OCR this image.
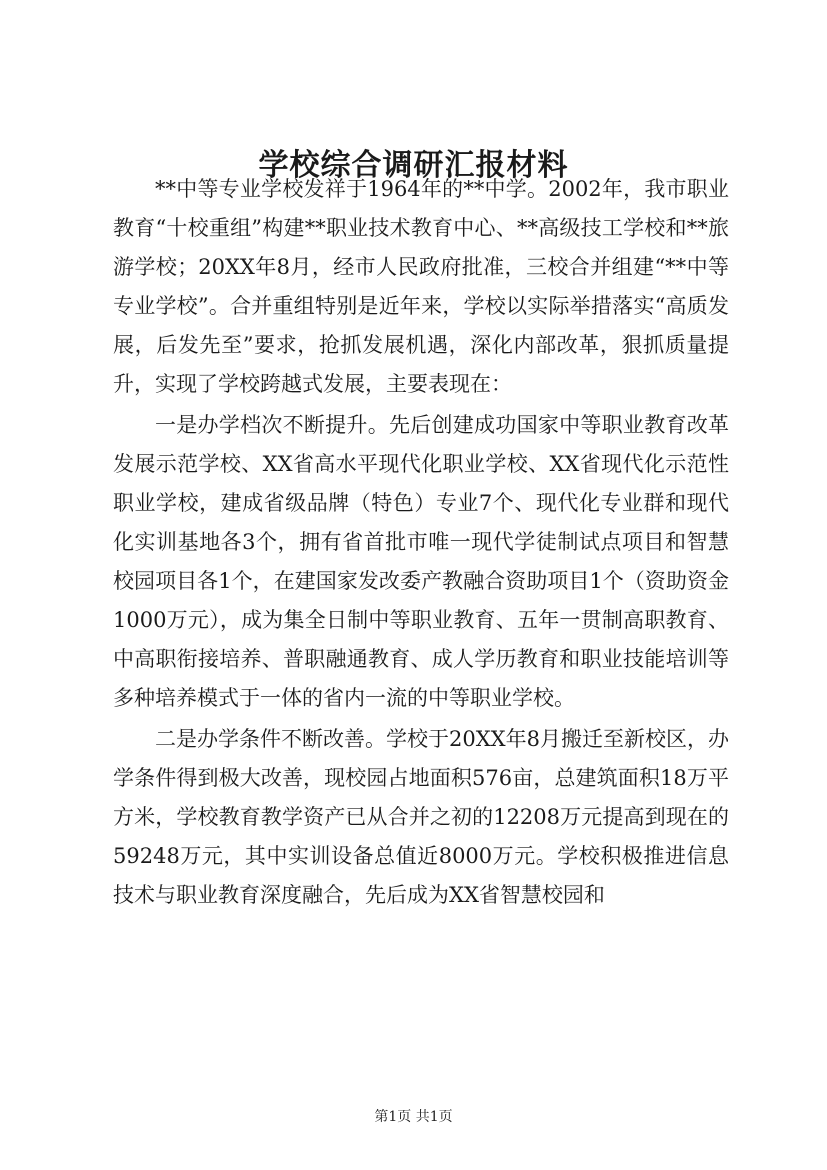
学校综合调研汇报材料

**中等专业学校发祥于1964年的**中学。2002年，我市职业教育“十校重组”构建**职业技术教育中心、**高级技工学校和**旅游学校；20XX年8月，经市人民政府批准，三校合并组建“**中等专业学校”。合并重组特别是近年来，学校以实际举措落实“高质发展，后发先至”要求，抢抓发展机遇，深化内部改革，狠抓质量提升，实现了学校跨越式发展，主要表现在：

一是办学档次不断提升。先后创建成功国家中等职业教育改革发展示范学校、XX省高水平现代化职业学校、XX省现代化示范性职业学校，建成省级品牌（特色）专业7个、现代化专业群和现代化实训基地各3个，拥有省首批市唯一现代学徒制试点项目和智慧校园项目各1个，在建国家发改委产教融合资助项目1个（资助资金1000万元），成为集全日制中等职业教育、五年一贯制高职教育、中高职衔接培养、普职融通教育、成人学历教育和职业技能培训等多种培养模式于一体的省内一流的中等职业学校。

二是办学条件不断改善。学校于20XX年8月搬迁至新校区，办学条件得到极大改善，现校园占地面积576亩，总建筑面积18万平方米，学校教育教学资产已从合并之初的12208万元提高到现在的59248万元，其中实训设备总值近8000万元。学校积极推进信息技术与职业教育深度融合，先后成为XX省智慧校园和

第1页 共1页
